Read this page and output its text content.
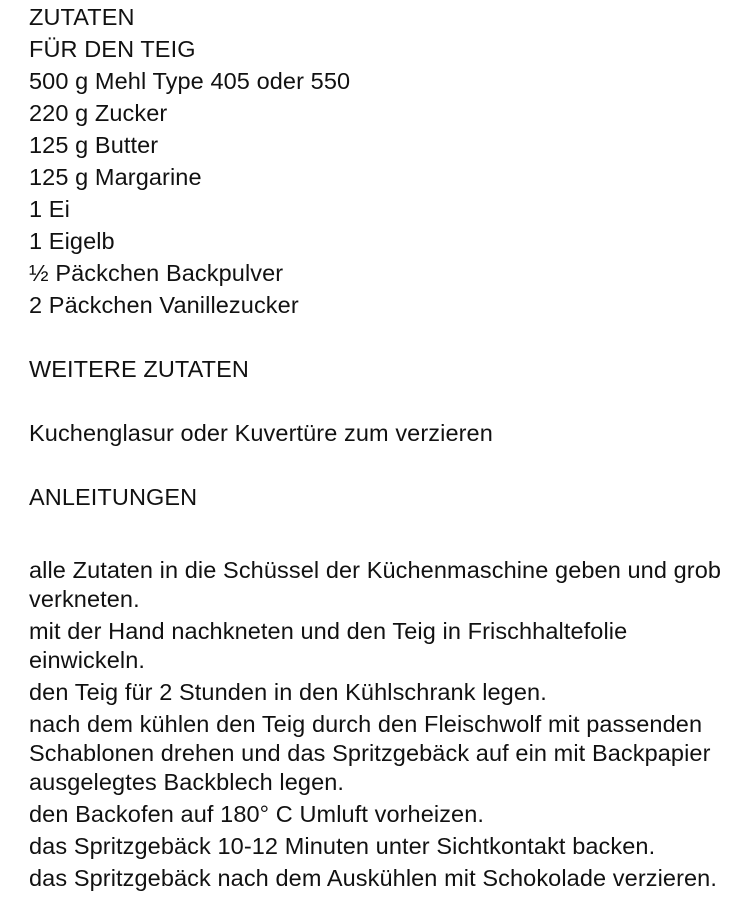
ZUTATEN
FÜR DEN TEIG
500 g Mehl Type 405 oder 550
220 g Zucker
125 g Butter
125 g Margarine
1 Ei
1 Eigelb
½ Päckchen Backpulver
2 Päckchen Vanillezucker
WEITERE ZUTATEN
Kuchenglasur oder Kuvertüre zum verzieren
ANLEITUNGEN
alle Zutaten in die Schüssel der Küchenmaschine geben und grob verkneten.
mit der Hand nachkneten und den Teig in Frischhaltefolie einwickeln.
den Teig für 2 Stunden in den Kühlschrank legen.
nach dem kühlen den Teig durch den Fleischwolf mit passenden Schablonen drehen und das Spritzgebäck auf ein mit Backpapier ausgelegtes Backblech legen.
den Backofen auf 180° C Umluft vorheizen.
das Spritzgebäck 10-12 Minuten unter Sichtkontakt backen.
das Spritzgebäck nach dem Auskühlen mit Schokolade verzieren.
